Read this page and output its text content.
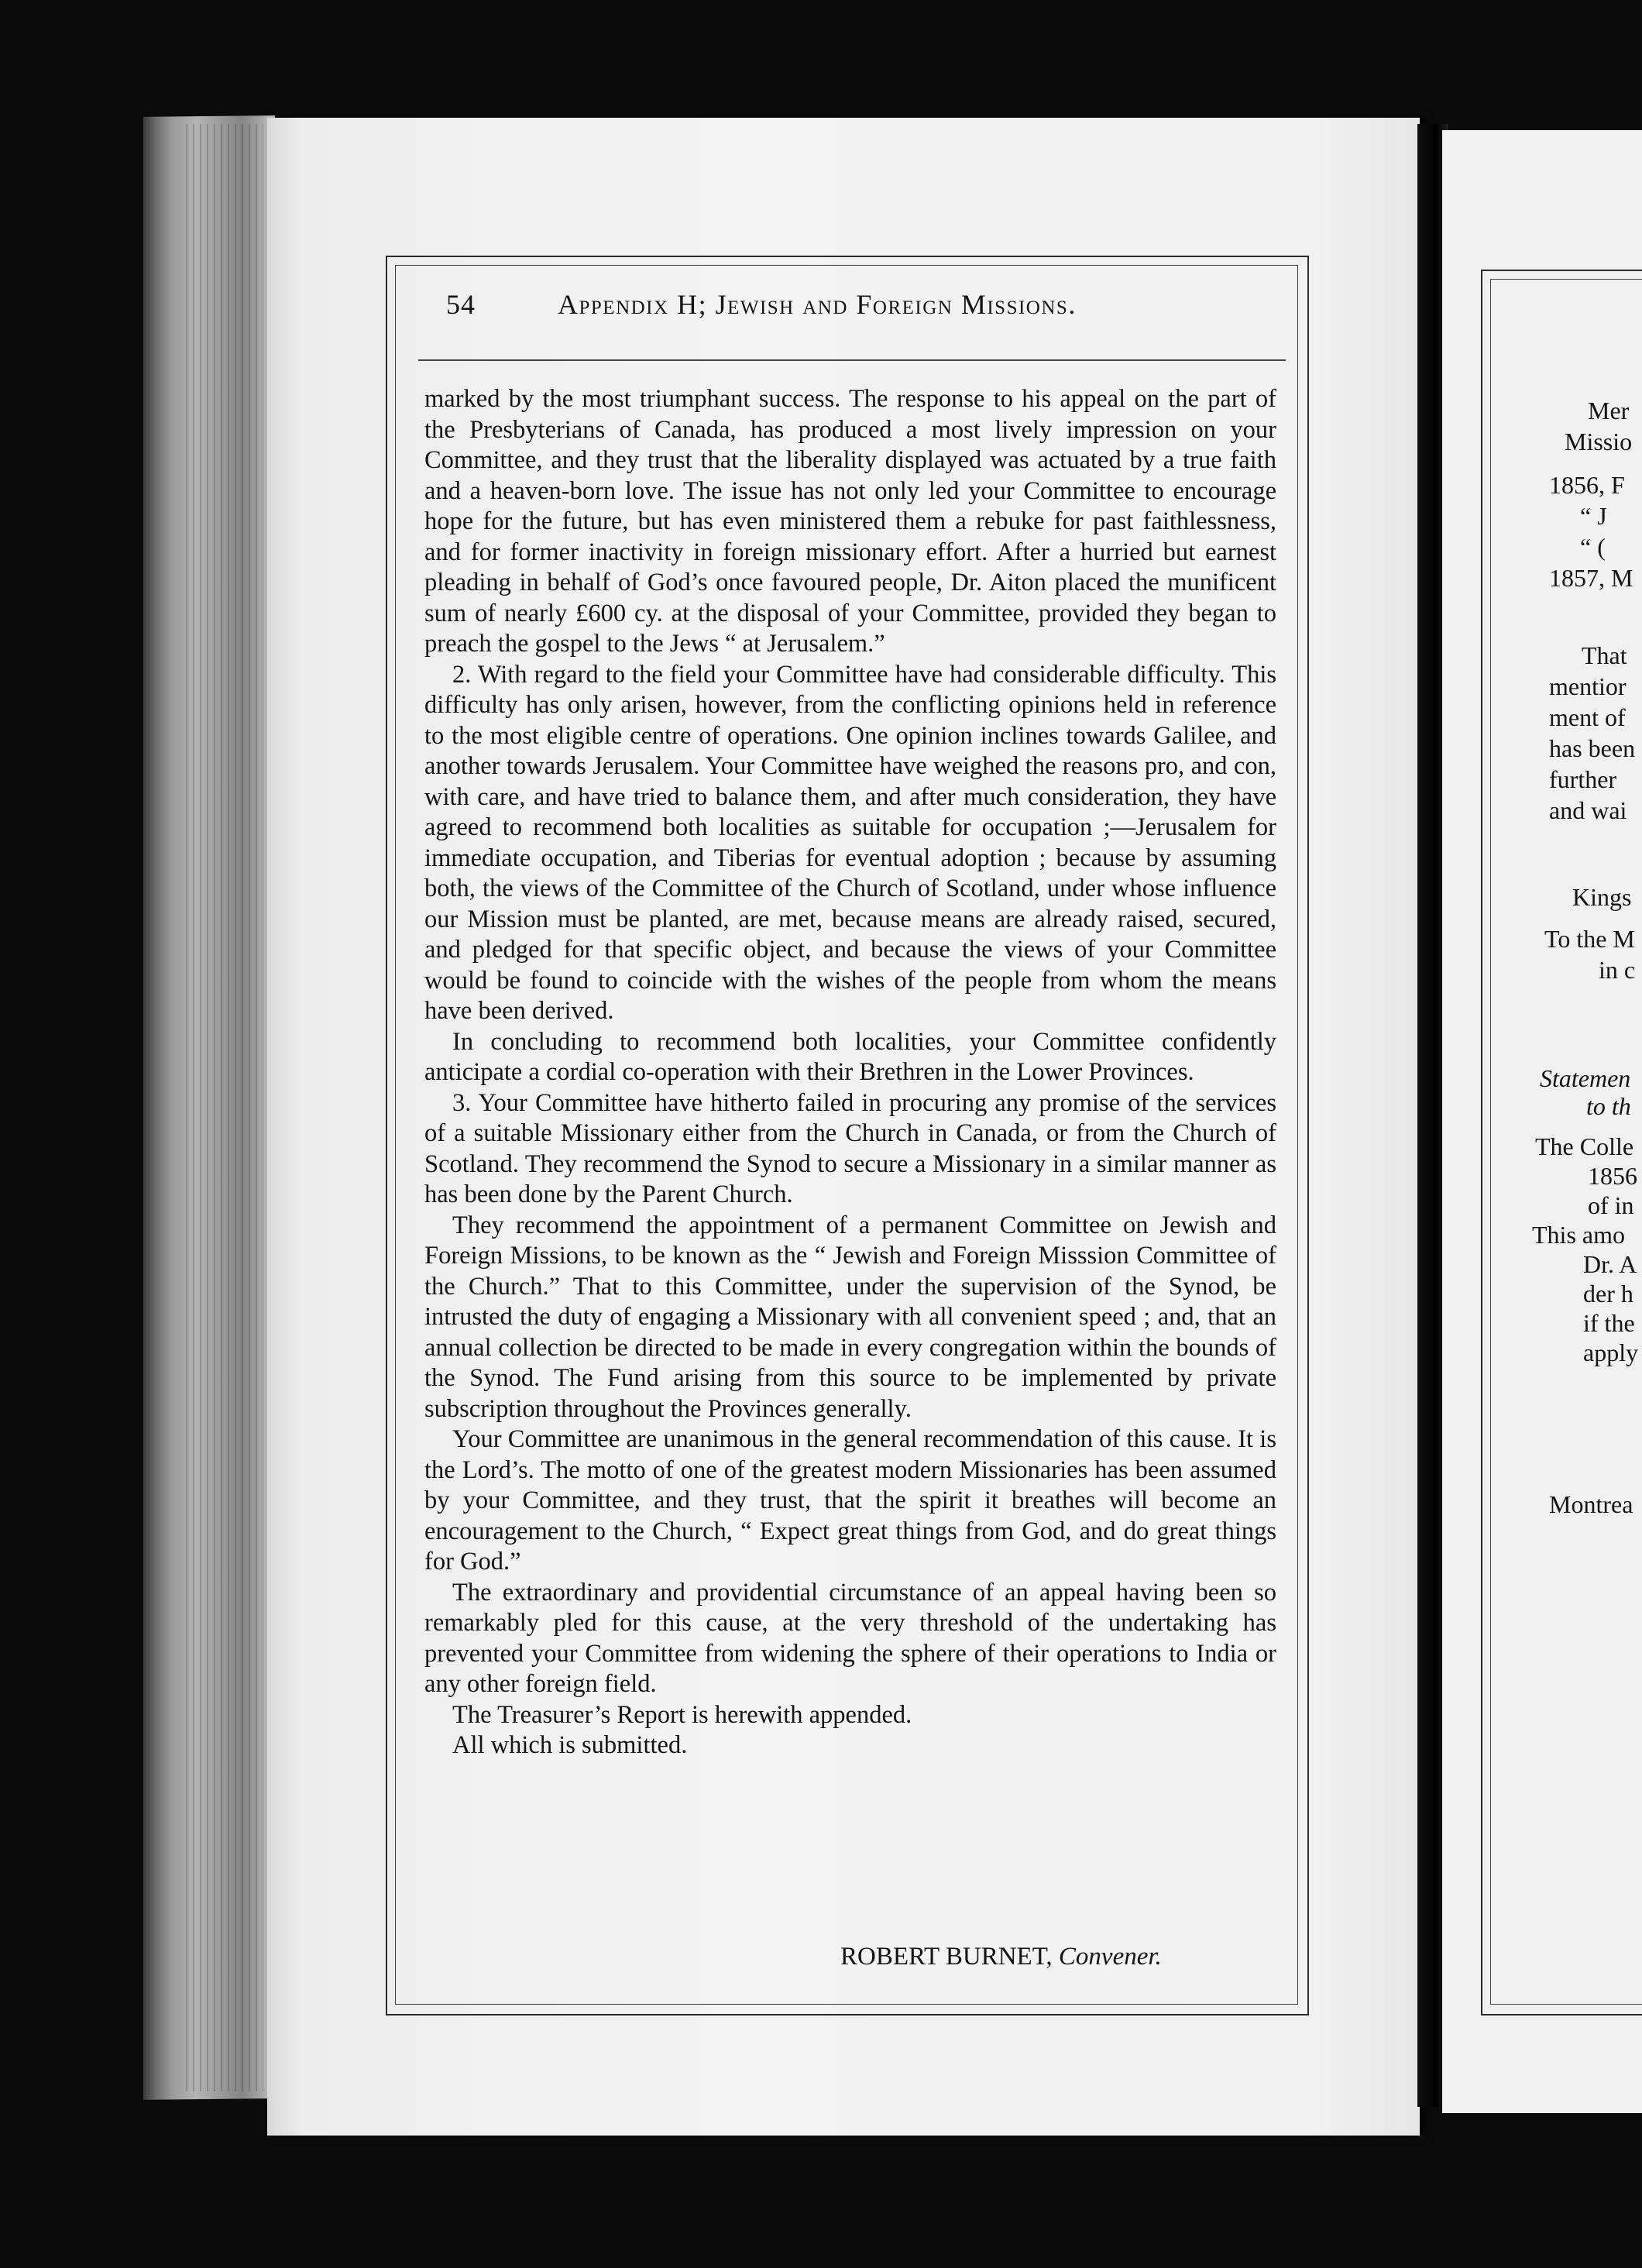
54	Appendix H; Jewish and Foreign Missions.

marked by the most triumphant success. The response to his appeal on the part of the Presbyterians of Canada, has produced a most lively impression on your Committee, and they trust that the liberality displayed was actuated by a true faith and a heaven-born love. The issue has not only led your Committee to encourage hope for the future, but has even ministered them a rebuke for past faithlessness, and for former inactivity in foreign missionary effort. After a hurried but earnest pleading in behalf of God’s once favoured people, Dr. Aiton placed the munificent sum of nearly £600 cy. at the disposal of your Committee, provided they began to preach the gospel to the Jews “ at Jerusalem.”

2. With regard to the field your Committee have had considerable difficulty. This difficulty has only arisen, however, from the conflicting opinions held in reference to the most eligible centre of operations. One opinion inclines towards Galilee, and another towards Jerusalem. Your Committee have weighed the reasons pro, and con, with care, and have tried to balance them, and after much consideration, they have agreed to recommend both localities as suitable for occupation ;—Jerusalem for immediate occupation, and Tiberias for eventual adoption ; because by assuming both, the views of the Committee of the Church of Scotland, under whose influence our Mission must be planted, are met, because means are already raised, secured, and pledged for that specific object, and because the views of your Committee would be found to coincide with the wishes of the people from whom the means have been derived.

In concluding to recommend both localities, your Committee confidently anticipate a cordial co-operation with their Brethren in the Lower Provinces.

3. Your Committee have hitherto failed in procuring any promise of the services of a suitable Missionary either from the Church in Canada, or from the Church of Scotland. They recommend the Synod to secure a Missionary in a similar manner as has been done by the Parent Church.

They recommend the appointment of a permanent Committee on Jewish and Foreign Missions, to be known as the “ Jewish and Foreign Misssion Committee of the Church.” That to this Committee, under the supervision of the Synod, be intrusted the duty of engaging a Missionary with all convenient speed ; and, that an annual collection be directed to be made in every congregation within the bounds of the Synod. The Fund arising from this source to be implemented by private subscription throughout the Provinces generally.

Your Committee are unanimous in the general recommendation of this cause. It is the Lord’s. The motto of one of the greatest modern Missionaries has been assumed by your Committee, and they trust, that the spirit it breathes will become an encouragement to the Church, “ Expect great things from God, and do great things for God.”

The extraordinary and providential circumstance of an appeal having been so remarkably pled for this cause, at the very threshold of the undertaking has prevented your Committee from widening the sphere of their operations to India or any other foreign field.

The Treasurer’s Report is herewith appended.

All which is submitted.

ROBERT BURNET, Convener.
Mer
Missio
1856, F
“ J
“ (
1857, M
That
mentior
ment of
has been
further
and wai
Kings
To the M
in c
Statemen
to th
The Colle
1856
of in
This amo
Dr. A
der h
if the
apply
Montrea
